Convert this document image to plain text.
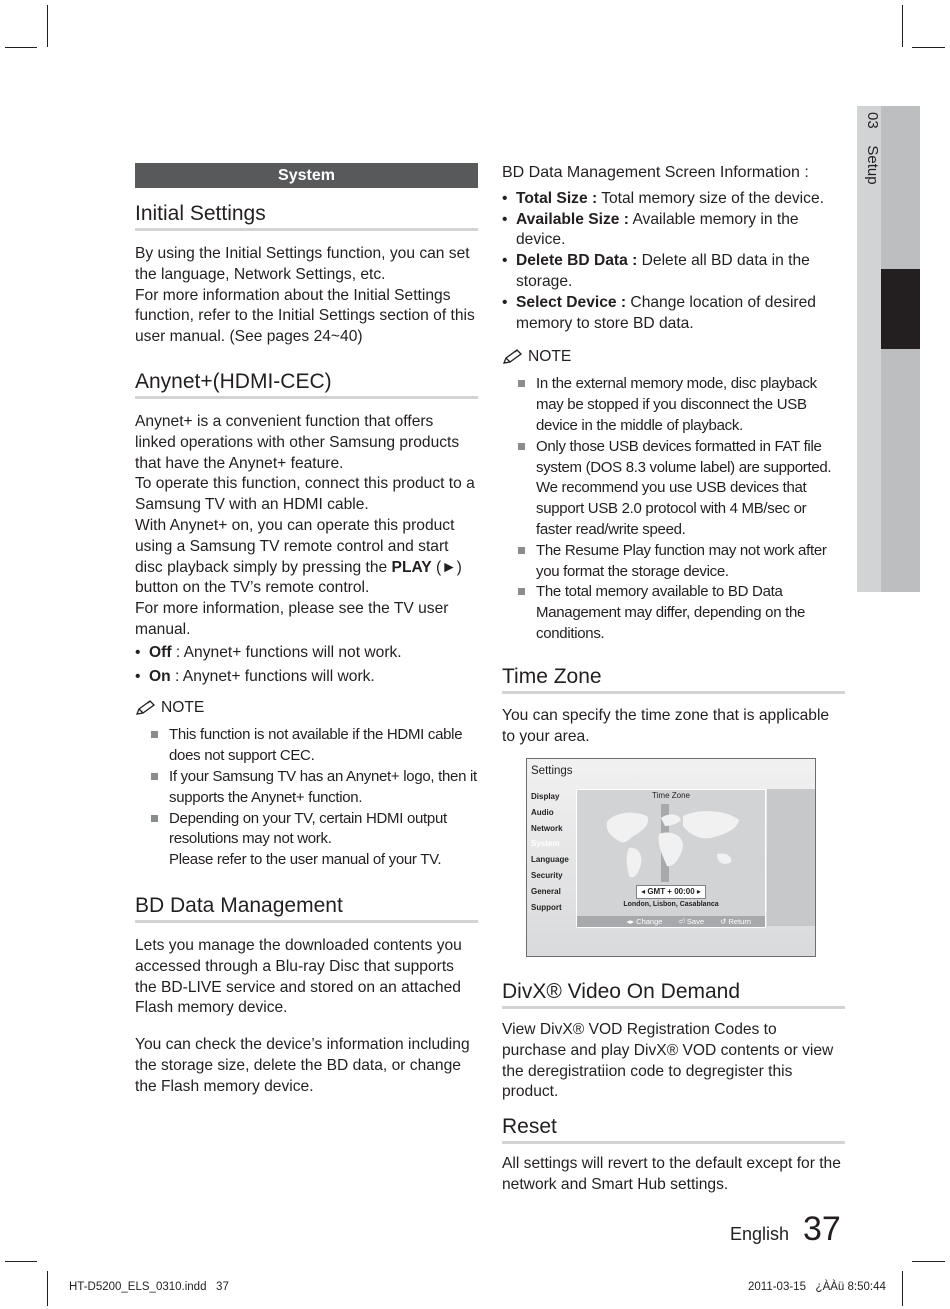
03    Setup
System
Initial Settings

By using the Initial Settings function, you can set the language, Network Settings, etc.

For more information about the Initial Settings function, refer to the Initial Settings section of this user manual. (See pages 24~40)

Anynet+(HDMI-CEC)

Anynet+ is a convenient function that offers linked operations with other Samsung products that have the Anynet+ feature.

To operate this function, connect this product to a Samsung TV with an HDMI cable.

With Anynet+ on, you can operate this product using a Samsung TV remote control and start disc playback simply by pressing the PLAY (►) button on the TV’s remote control.

For more information, please see the TV user manual.

• Off : Anynet+ functions will not work.
• On : Anynet+ functions will work.
NOTE
This function is not available if the HDMI cable does not support CEC.
If your Samsung TV has an Anynet+ logo, then it supports the Anynet+ function.
Depending on your TV, certain HDMI output resolutions may not work.

Please refer to the user manual of your TV.

BD Data Management

Lets you manage the downloaded contents you accessed through a Blu-ray Disc that supports the BD-LIVE service and stored on an attached Flash memory device.

You can check the device’s information including the storage size, delete the BD data, or change the Flash memory device.

BD Data Management Screen Information :

• Total Size : Total memory size of the device.
• Available Size : Available memory in the device.
• Delete BD Data : Delete all BD data in the storage.
• Select Device : Change location of desired memory to store BD data.
NOTE
In the external memory mode, disc playback may be stopped if you disconnect the USB device in the middle of playback.
Only those USB devices formatted in FAT file system (DOS 8.3 volume label) are supported. We recommend you use USB devices that support USB 2.0 protocol with 4 MB/sec or faster read/write speed.
The Resume Play function may not work after you format the storage device.
The total memory available to BD Data Management may differ, depending on the conditions.
Time Zone

You can specify the time zone that is applicable to your area.

Settings
Display
Audio
Network
System
Language
Security
General
Support
Time Zone
◂ GMT + 00:00 ▸
London, Lisbon, Casablanca
◂▸ Change ⏎ Save ↺ Return
DivX® Video On Demand

View DivX® VOD Registration Codes to purchase and play DivX® VOD contents or view the deregistratiion code to degregister this product.

Reset

All settings will revert to the default except for the network and Smart Hub settings.

English 37
HT-D5200_ELS_0310.indd   37	2011-03-15   ¿ÀÀü 8:50:44
